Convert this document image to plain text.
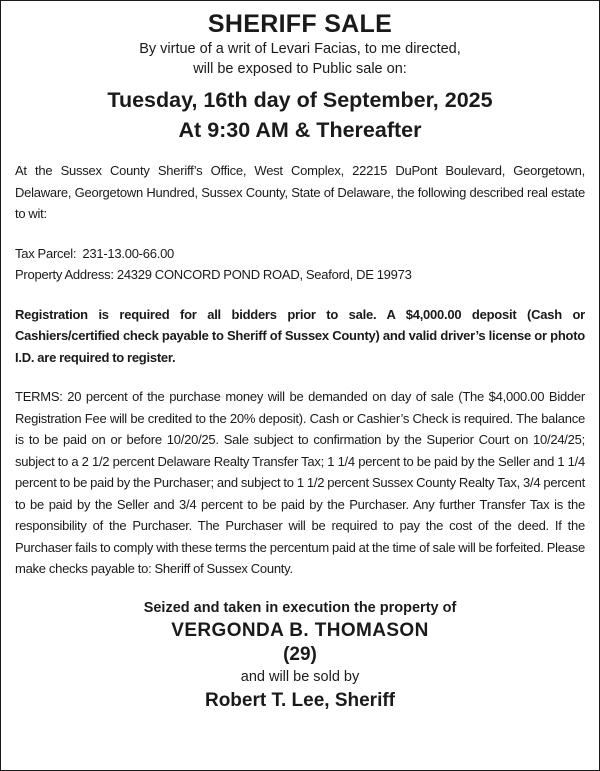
SHERIFF SALE

By virtue of a writ of Levari Facias, to me directed,

will be exposed to Public sale on:

Tuesday, 16th day of September, 2025

At 9:30 AM & Thereafter

At the Sussex County Sheriff’s Office, West Complex, 22215 DuPont Boulevard, Georgetown, Delaware, Georgetown Hundred, Sussex County, State of Delaware, the following described real estate to wit:

Tax Parcel:  231-13.00-66.00

Property Address: 24329 CONCORD POND ROAD, Seaford, DE 19973

Registration is required for all bidders prior to sale. A $4,000.00 deposit (Cash or Cashiers/certified check payable to Sheriff of Sussex County) and valid driver’s license or photo I.D. are required to register.

TERMS: 20 percent of the purchase money will be demanded on day of sale (The $4,000.00 Bidder Registration Fee will be credited to the 20% deposit). Cash or Cashier’s Check is required. The balance is to be paid on or before 10/20/25. Sale subject to confirmation by the Superior Court on 10/24/25; subject to a 2 1/2 percent Delaware Realty Transfer Tax; 1 1/4 percent to be paid by the Seller and 1 1/4 percent to be paid by the Purchaser; and subject to 1 1/2 percent Sussex County Realty Tax, 3/4 percent to be paid by the Seller and 3/4 percent to be paid by the Purchaser. Any further Transfer Tax is the responsibility of the Purchaser. The Purchaser will be required to pay the cost of the deed. If the Purchaser fails to comply with these terms the percentum paid at the time of sale will be forfeited. Please make checks payable to: Sheriff of Sussex County.

Seized and taken in execution the property of

VERGONDA B. THOMASON

(29)

and will be sold by

Robert T. Lee, Sheriff
